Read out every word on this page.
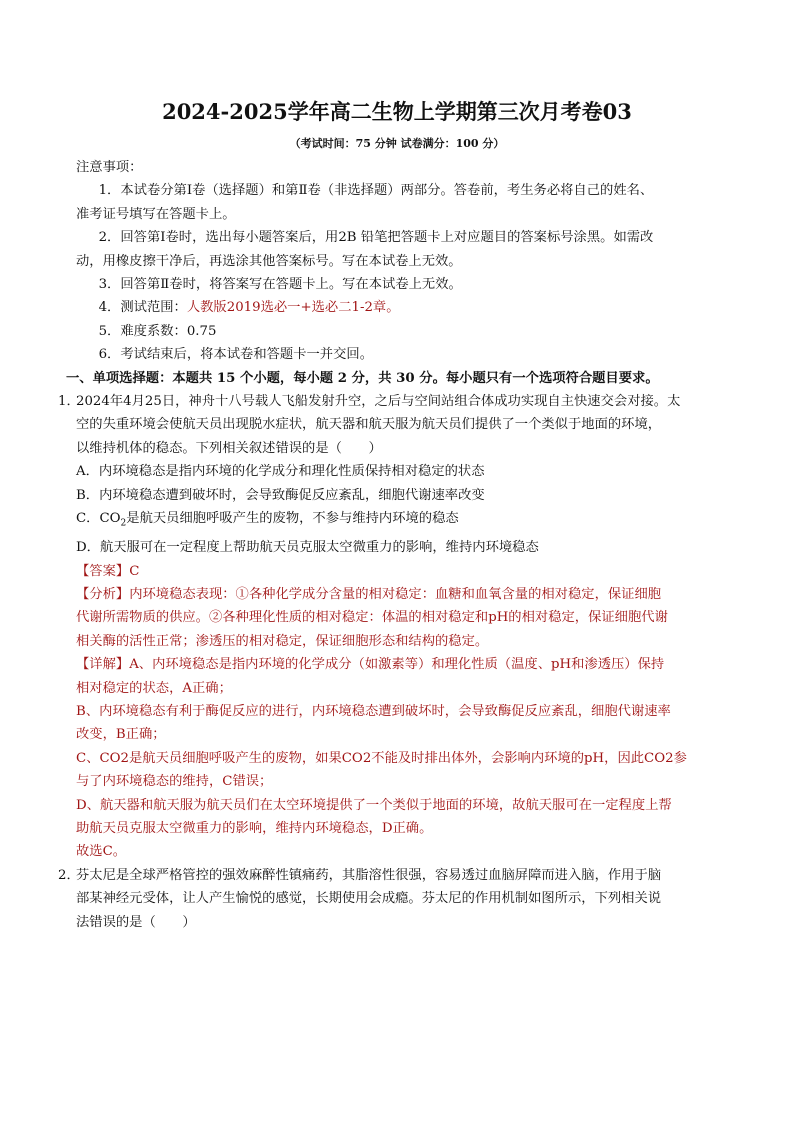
2024-2025学年高二生物上学期第三次月考卷03
（考试时间：75 分钟 试卷满分：100 分）

注意事项：

1．本试卷分第Ⅰ卷（选择题）和第Ⅱ卷（非选择题）两部分。答卷前，考生务必将自己的姓名、

准考证号填写在答题卡上。

2．回答第Ⅰ卷时，选出每小题答案后，用2B 铅笔把答题卡上对应题目的答案标号涂黑。如需改

动，用橡皮擦干净后，再选涂其他答案标号。写在本试卷上无效。

3．回答第Ⅱ卷时，将答案写在答题卡上。写在本试卷上无效。

4．测试范围：人教版2019选必一+选必二1-2章。

5．难度系数：0.75

6．考试结束后，将本试卷和答题卡一并交回。

一、单项选择题：本题共 15 个小题，每小题 2 分，共 30 分。每小题只有一个选项符合题目要求。

1．2024年4月25日，神舟十八号载人飞船发射升空，之后与空间站组合体成功实现自主快速交会对接。太

空的失重环境会使航天员出现脱水症状，航天器和航天服为航天员们提供了一个类似于地面的环境，

以维持机体的稳态。下列相关叙述错误的是（　　）

A．内环境稳态是指内环境的化学成分和理化性质保持相对稳定的状态

B．内环境稳态遭到破坏时，会导致酶促反应紊乱，细胞代谢速率改变

C．$CO_2$是航天员细胞呼吸产生的废物，不参与维持内环境的稳态

D．航天服可在一定程度上帮助航天员克服太空微重力的影响，维持内环境稳态

【答案】C

【分析】内环境稳态表现：①各种化学成分含量的相对稳定：血糖和血氧含量的相对稳定，保证细胞

代谢所需物质的供应。②各种理化性质的相对稳定：体温的相对稳定和pH的相对稳定，保证细胞代谢

相关酶的活性正常；渗透压的相对稳定，保证细胞形态和结构的稳定。

【详解】A、内环境稳态是指内环境的化学成分（如激素等）和理化性质（温度、pH和渗透压）保持

相对稳定的状态，A正确；

B、内环境稳态有利于酶促反应的进行，内环境稳态遭到破坏时，会导致酶促反应紊乱，细胞代谢速率

改变，B正确；

C、CO2是航天员细胞呼吸产生的废物，如果CO2不能及时排出体外，会影响内环境的pH，因此CO2参

与了内环境稳态的维持，C错误；

D、航天器和航天服为航天员们在太空环境提供了一个类似于地面的环境，故航天服可在一定程度上帮

助航天员克服太空微重力的影响，维持内环境稳态，D正确。

故选C。

2．芬太尼是全球严格管控的强效麻醉性镇痛药，其脂溶性很强，容易透过血脑屏障而进入脑，作用于脑

部某神经元受体，让人产生愉悦的感觉，长期使用会成瘾。芬太尼的作用机制如图所示，下列相关说

法错误的是（　　）
